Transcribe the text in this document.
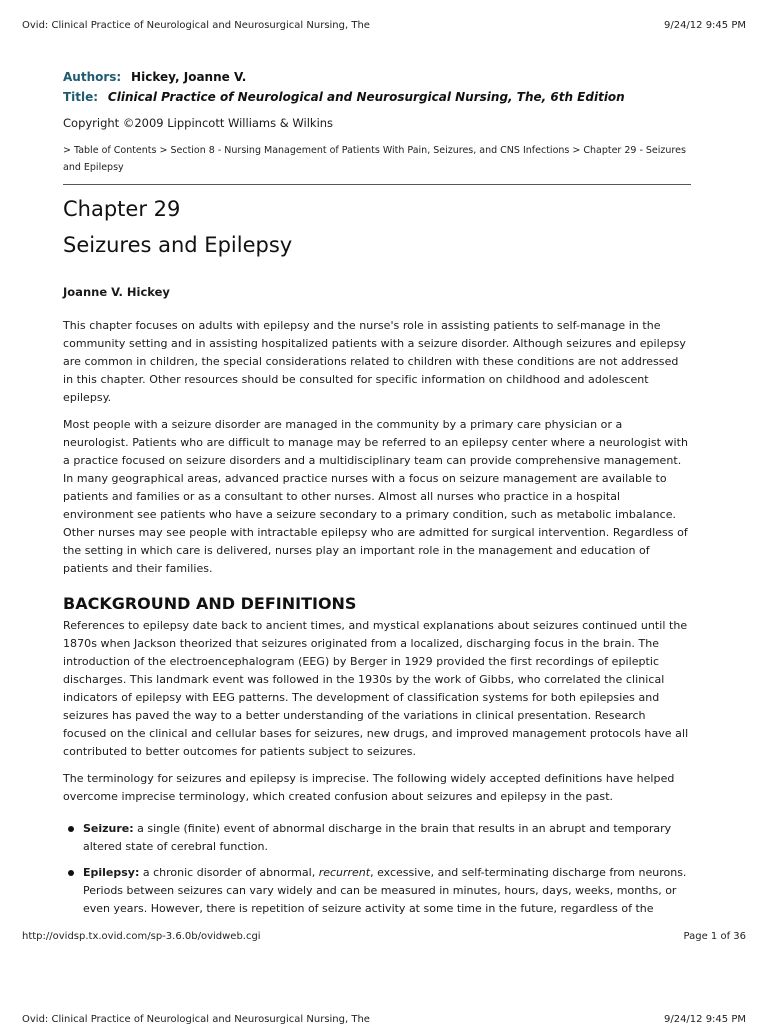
Ovid: Clinical Practice of Neurological and Neurosurgical Nursing, The	9/24/12 9:45 PM
Authors: Hickey, Joanne V.
Title: Clinical Practice of Neurological and Neurosurgical Nursing, The, 6th Edition
Copyright ©2009 Lippincott Williams & Wilkins
> Table of Contents > Section 8 - Nursing Management of Patients With Pain, Seizures, and CNS Infections > Chapter 29 - Seizures and Epilepsy
Chapter 29
Seizures and Epilepsy
Joanne V. Hickey

This chapter focuses on adults with epilepsy and the nurse's role in assisting patients to self-manage in the community setting and in assisting hospitalized patients with a seizure disorder. Although seizures and epilepsy are common in children, the special considerations related to children with these conditions are not addressed in this chapter. Other resources should be consulted for specific information on childhood and adolescent epilepsy.

Most people with a seizure disorder are managed in the community by a primary care physician or a neurologist. Patients who are difficult to manage may be referred to an epilepsy center where a neurologist with a practice focused on seizure disorders and a multidisciplinary team can provide comprehensive management. In many geographical areas, advanced practice nurses with a focus on seizure management are available to patients and families or as a consultant to other nurses. Almost all nurses who practice in a hospital environment see patients who have a seizure secondary to a primary condition, such as metabolic imbalance. Other nurses may see people with intractable epilepsy who are admitted for surgical intervention. Regardless of the setting in which care is delivered, nurses play an important role in the management and education of patients and their families.

BACKGROUND AND DEFINITIONS

References to epilepsy date back to ancient times, and mystical explanations about seizures continued until the 1870s when Jackson theorized that seizures originated from a localized, discharging focus in the brain. The introduction of the electroencephalogram (EEG) by Berger in 1929 provided the first recordings of epileptic discharges. This landmark event was followed in the 1930s by the work of Gibbs, who correlated the clinical indicators of epilepsy with EEG patterns. The development of classification systems for both epilepsies and seizures has paved the way to a better understanding of the variations in clinical presentation. Research focused on the clinical and cellular bases for seizures, new drugs, and improved management protocols have all contributed to better outcomes for patients subject to seizures.

The terminology for seizures and epilepsy is imprecise. The following widely accepted definitions have helped overcome imprecise terminology, which created confusion about seizures and epilepsy in the past.

Seizure: a single (finite) event of abnormal discharge in the brain that results in an abrupt and temporary altered state of cerebral function.
Epilepsy: a chronic disorder of abnormal, recurrent, excessive, and self-terminating discharge from neurons. Periods between seizures can vary widely and can be measured in minutes, hours, days, weeks, months, or even years. However, there is repetition of seizure activity at some time in the future, regardless of the
http://ovidsp.tx.ovid.com/sp-3.6.0b/ovidweb.cgi	Page 1 of 36
Ovid: Clinical Practice of Neurological and Neurosurgical Nursing, The	9/24/12 9:45 PM
